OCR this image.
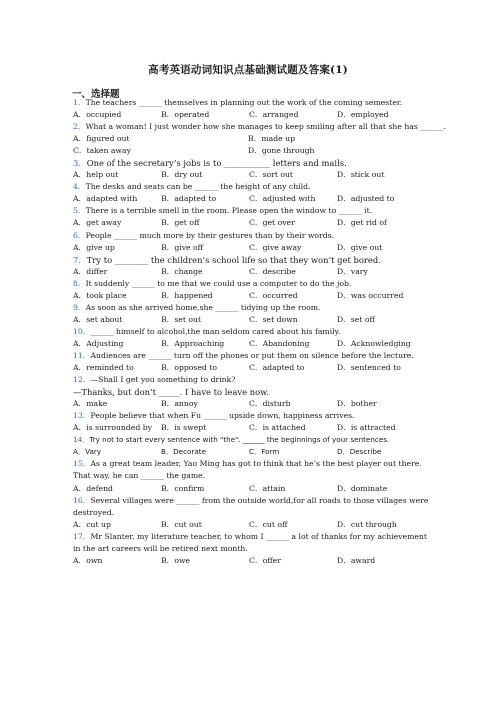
高考英语动词知识点基础测试题及答案(1)
一、选择题
1．The teachers ______ themselves in planning out the work of the coming semester.
A．occupied	B．operated	C．arranged	D．employed
2．What a woman! I just wonder how she manages to keep smiling after all that she has ______.
A．figured out	B．made up
C．taken away	D．gone through
3．One of the secretary’s jobs is to ___________ letters and mails.
A．help out	B．dry out	C．sort out	D．stick out
4．The desks and seats can be ______ the height of any child.
A．adapted with	B．adapted to	C．adjusted with	D．adjusted to
5．There is a terrible smell in the room. Please open the window to ______ it.
A．get away	B．get off	C．get over	D．get rid of
6．People ______ much more by their gestures than by their words.
A．give up	B．give off	C．give away	D．give out
7．Try to ________ the children’s school life so that they won’t get bored.
A．differ	B．change	C．describe	D．vary
8．It suddenly ______ to me that we could use a computer to do the job.
A．took place	B．happened	C．occurred	D．was occurred
9．As soon as she arrived home,she ______ tidying up the room.
A．set about	B．set out	C．set down	D．set off
10．______ himself to alcohol,the man seldom cared about his family.
A．Adjusting	B．Approaching	C．Abandoning	D．Acknowledging
11．Audiences are ______ turn off the phones or put them on silence before the lecture.
A．reminded to	B．opposed to	C．adapted to	D．sentenced to
12．—Shall I get you something to drink?
—Thanks, but don’t _____. I have to leave now.
A．make	B．annoy	C．disturb	D．bother
13．People believe that when Fu ______ upside down, happiness arrives.
A．is surrounded by	B．is swept	C．is attached	D．is attracted
14．Try not to start every sentence with "the". ______ the beginnings of your sentences.
A．Vary	B．Decorate	C．Form	D．Describe
15．As a great team leader, Yao Ming has got to think that he’s the best player out there. That way, he can ______ the game.
A．defend	B．confirm	C．attain	D．dominate
16．Several villages were ______ from the outside world,for all roads to those villages were destroyed.
A．cut up	B．cut out	C．cut off	D．cut through
17．Mr Slanter, my literature teacher, to whom I ______ a lot of thanks for my achievement in the art careers will be retired next month.
A．own	B．owe	C．offer	D．award
